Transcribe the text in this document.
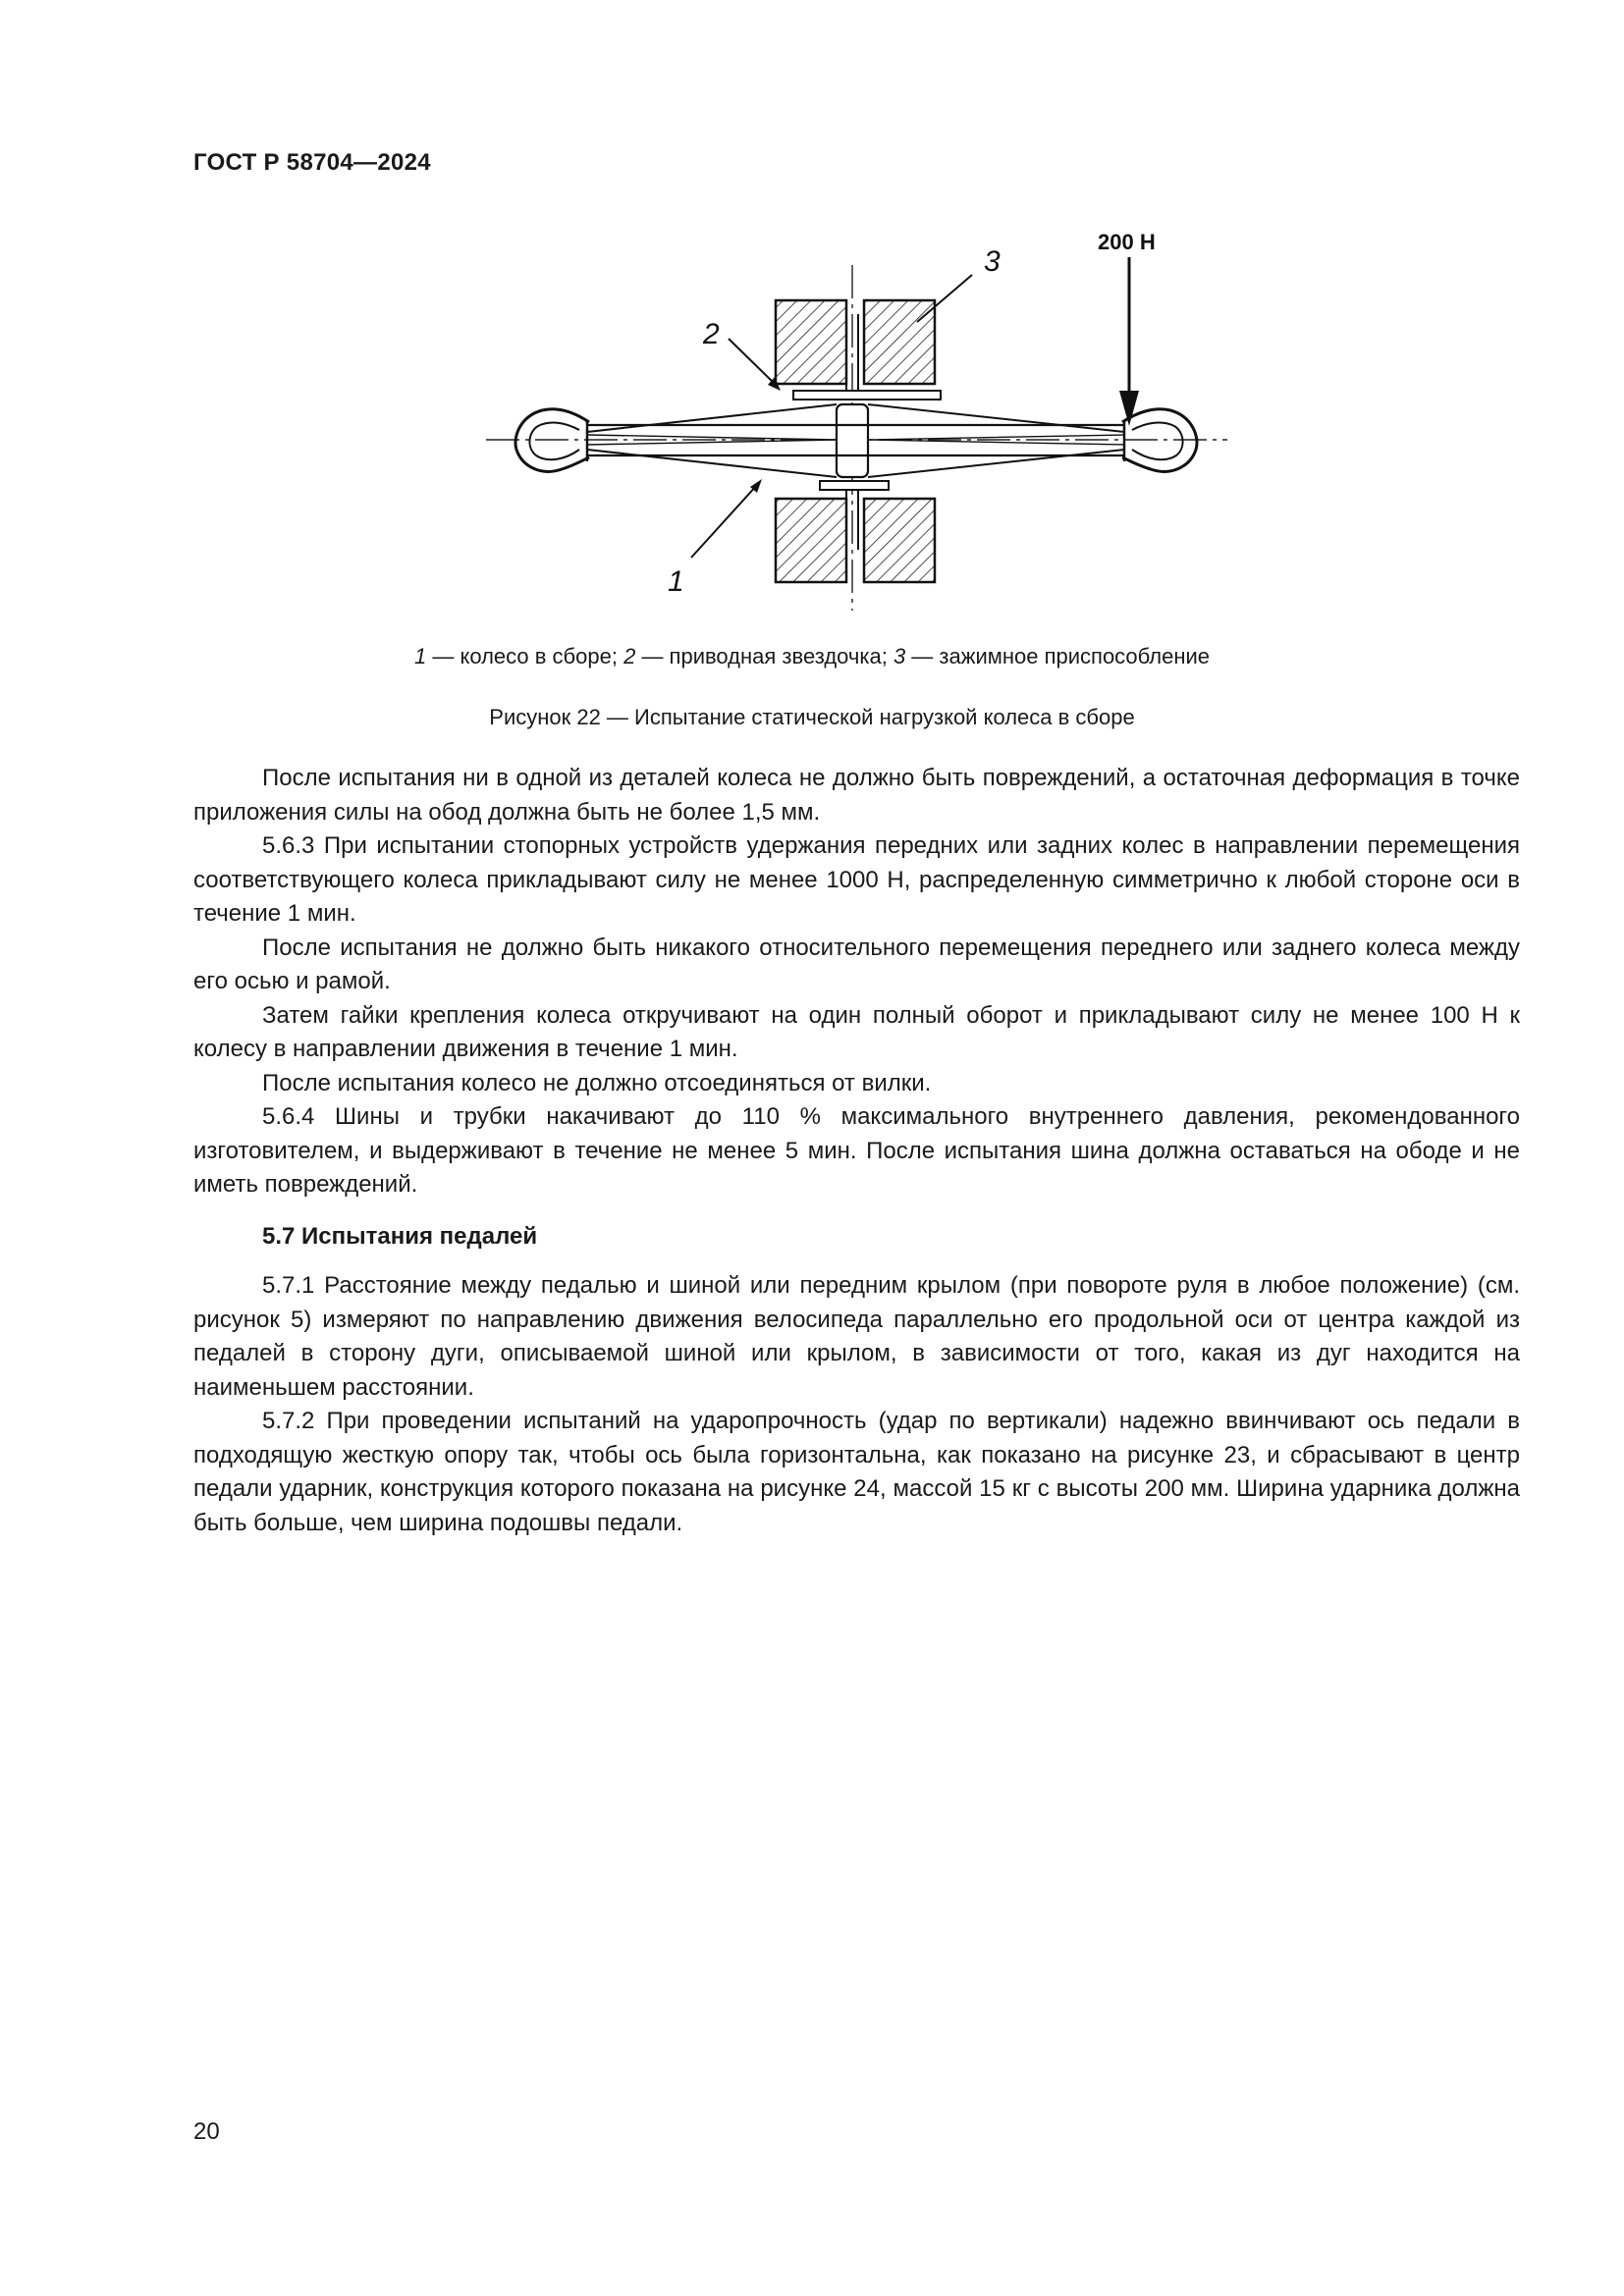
ГОСТ Р 58704—2024
200 Н
1
2
3
1 — колесо в сборе; 2 — приводная звездочка; 3 — зажимное приспособление
Рисунок 22 — Испытание статической нагрузкой колеса в сборе

После испытания ни в одной из деталей колеса не должно быть повреждений, а остаточная деформация в точке приложения силы на обод должна быть не более 1,5 мм.

5.6.3 При испытании стопорных устройств удержания передних или задних колес в направлении перемещения соответствующего колеса прикладывают силу не менее 1000 Н, распределенную симметрично к любой стороне оси в течение 1 мин.

После испытания не должно быть никакого относительного перемещения переднего или заднего колеса между его осью и рамой.

Затем гайки крепления колеса откручивают на один полный оборот и прикладывают силу не менее 100 Н к колесу в направлении движения в течение 1 мин.

После испытания колесо не должно отсоединяться от вилки.

5.6.4 Шины и трубки накачивают до 110 % максимального внутреннего давления, рекомендованного изготовителем, и выдерживают в течение не менее 5 мин. После испытания шина должна оставаться на ободе и не иметь повреждений.

5.7 Испытания педалей

5.7.1 Расстояние между педалью и шиной или передним крылом (при повороте руля в любое положение) (см. рисунок 5) измеряют по направлению движения велосипеда параллельно его продольной оси от центра каждой из педалей в сторону дуги, описываемой шиной или крылом, в зависимости от того, какая из дуг находится на наименьшем расстоянии.

5.7.2 При проведении испытаний на ударопрочность (удар по вертикали) надежно ввинчивают ось педали в подходящую жесткую опору так, чтобы ось была горизонтальна, как показано на рисунке 23, и сбрасывают в центр педали ударник, конструкция которого показана на рисунке 24, массой 15 кг с высоты 200 мм. Ширина ударника должна быть больше, чем ширина подошвы педали.

20
